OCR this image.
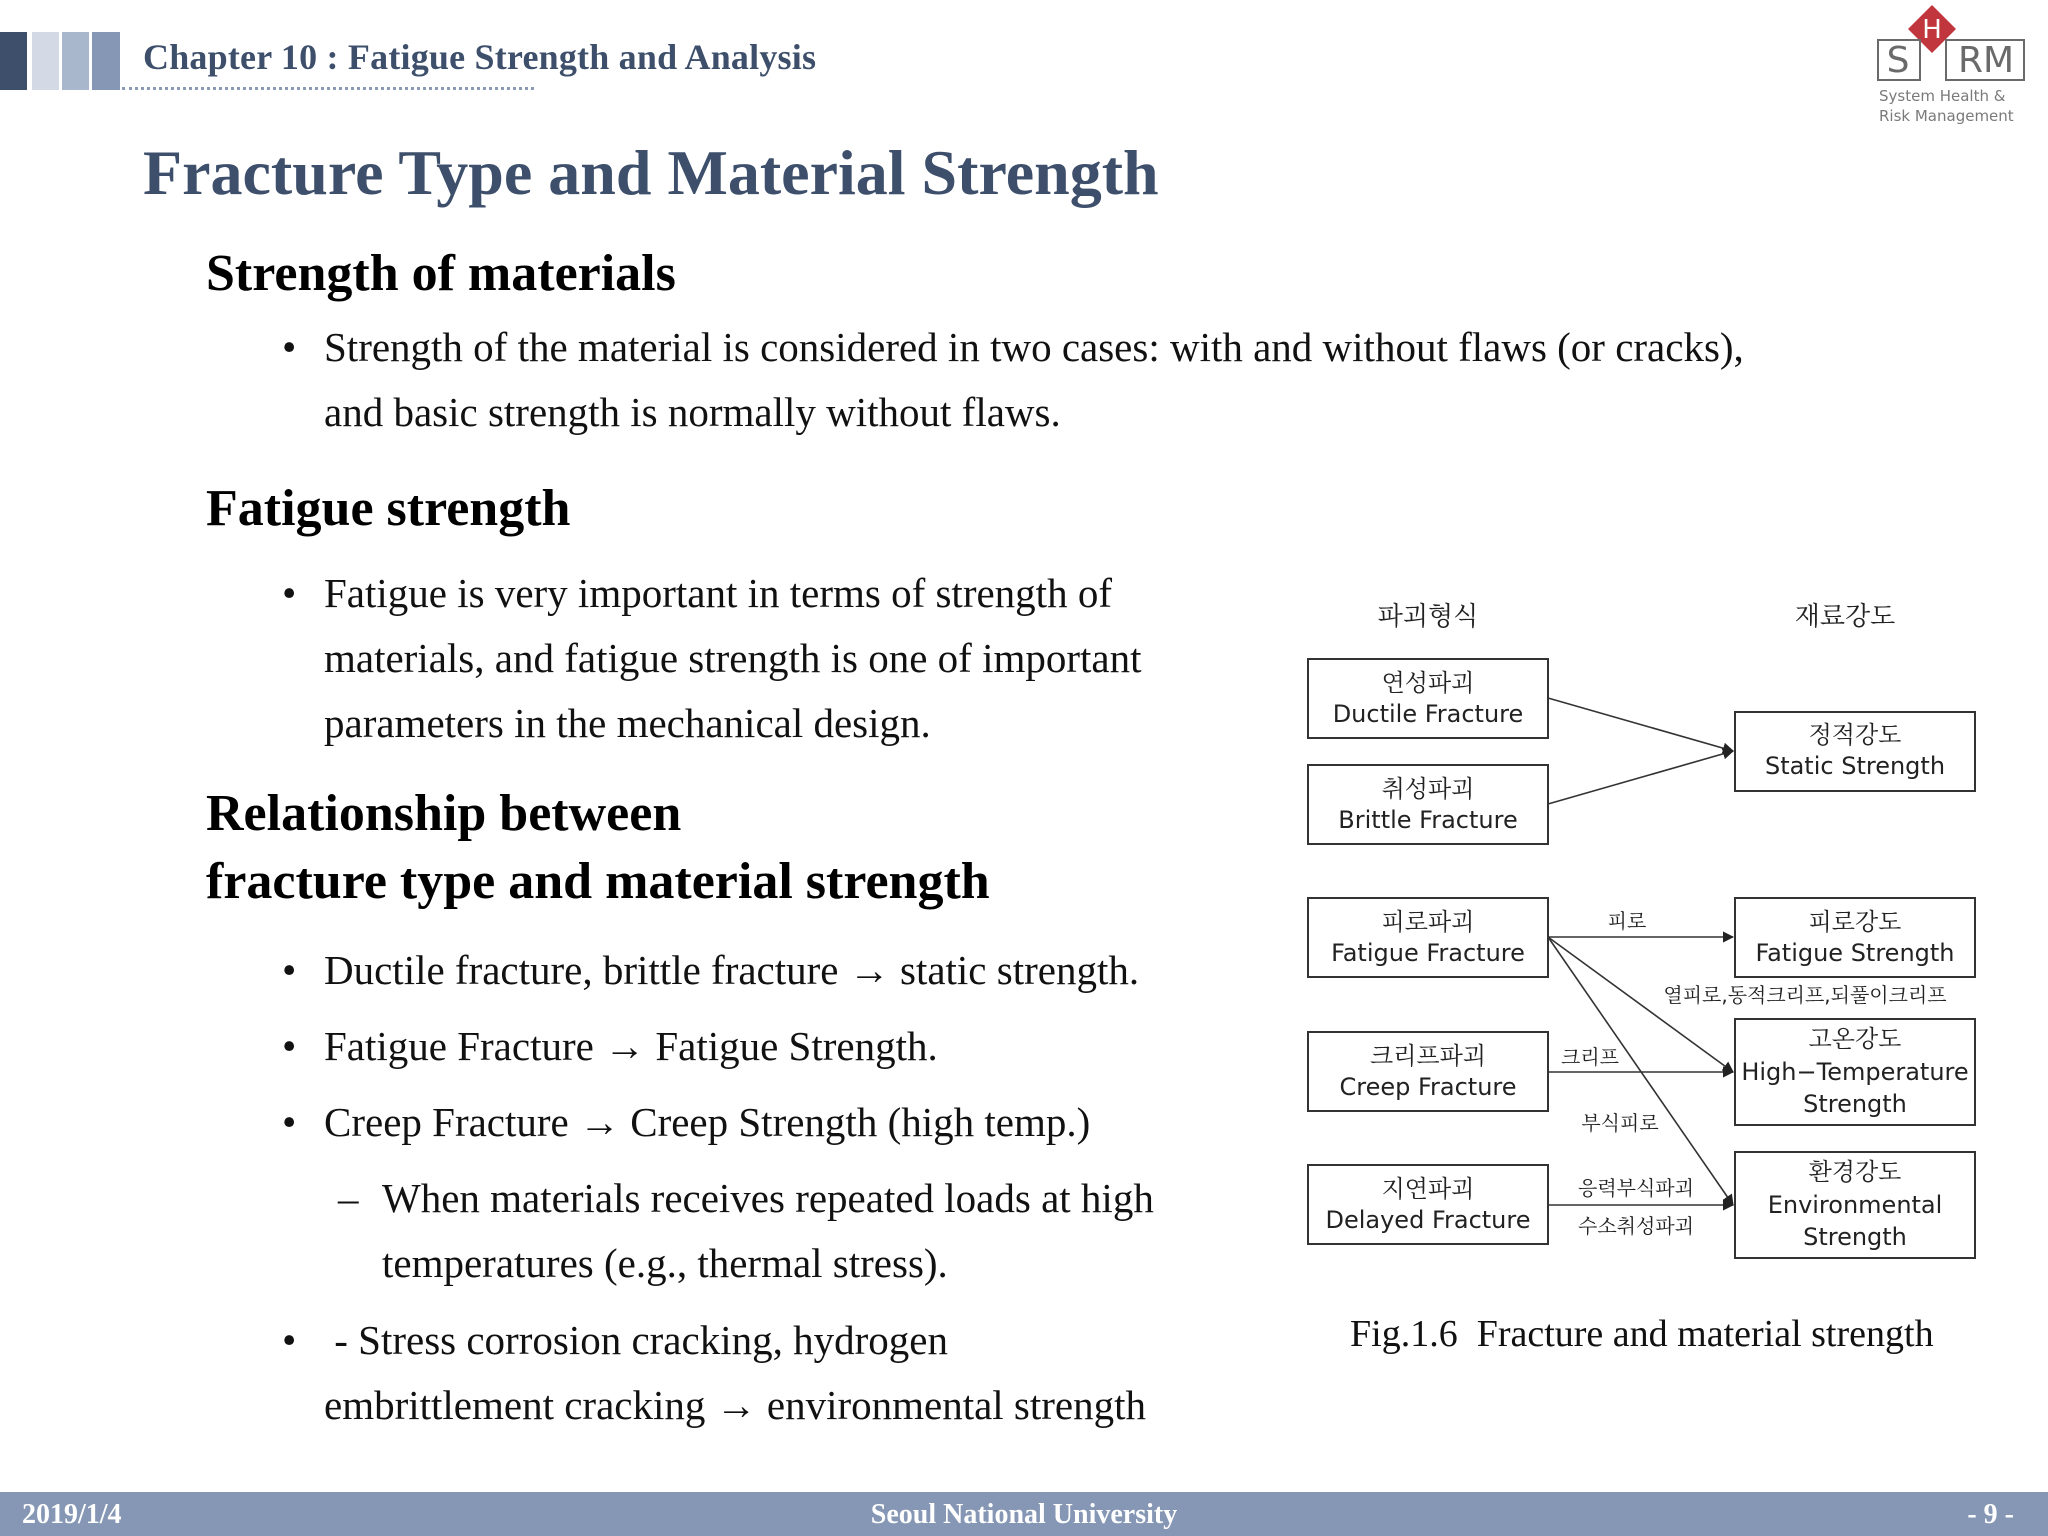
Chapter 10 : Fatigue Strength and Analysis
H
S RM
System Health &
Risk Management
Fracture Type and Material Strength
Strength of materials
• Strength of the material is considered in two cases: with and without flaws (or cracks),
and basic strength is normally without flaws.
Fatigue strength
• Fatigue is very important in terms of strength of
materials, and fatigue strength is one of important
parameters in the mechanical design.
Relationship between
fracture type and material strength
• Ductile fracture, brittle fracture → static strength.
• Fatigue Fracture → Fatigue Strength.
• Creep Fracture → Creep Strength (high temp.)
– When materials receives repeated loads at high
temperatures (e.g., thermal stress).
• - Stress corrosion cracking, hydrogen
embrittlement cracking → environmental strength
파괴형식	재료강도
연성파괴
Ductile Fracture
취성파괴
Brittle Fracture
피로파괴
Fatigue Fracture
크리프파괴
Creep Fracture
지연파괴
Delayed Fracture
정적강도
Static Strength
피로강도
Fatigue Strength
고온강도
High−Temperature
Strength
환경강도
Environmental
Strength
피로
열피로,동적크리프,되풀이크리프
크리프
부식피로
응력부식파괴
수소취성파괴
Fig.1.6  Fracture and material strength
2019/1/4	Seoul National University	- 9 -
